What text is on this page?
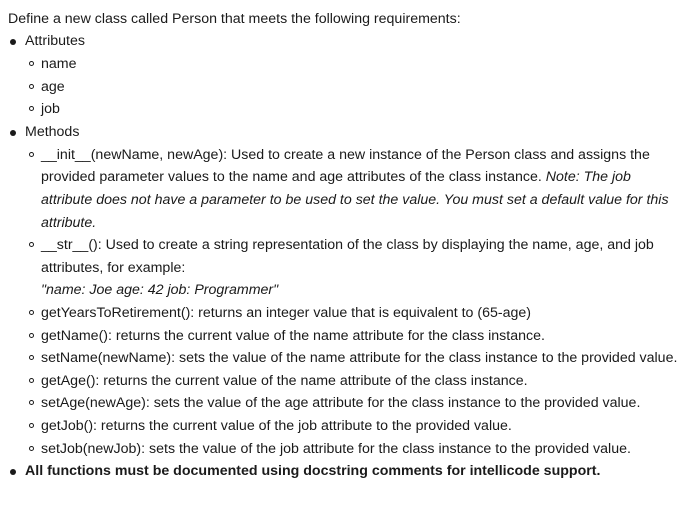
Define a new class called Person that meets the following requirements:
Attributes
name
age
job
Methods
__init__(newName, newAge): Used to create a new instance of the Person class and assigns the provided parameter values to the name and age attributes of the class instance. Note: The job attribute does not have a parameter to be used to set the value. You must set a default value for this attribute.
__str__(): Used to create a string representation of the class by displaying the name, age, and job attributes, for example:
"name: Joe age: 42 job: Programmer"
getYearsToRetirement(): returns an integer value that is equivalent to (65-age)
getName(): returns the current value of the name attribute for the class instance.
setName(newName): sets the value of the name attribute for the class instance to the provided value.
getAge(): returns the current value of the name attribute of the class instance.
setAge(newAge): sets the value of the age attribute for the class instance to the provided value.
getJob(): returns the current value of the job attribute to the provided value.
setJob(newJob): sets the value of the job attribute for the class instance to the provided value.
All functions must be documented using docstring comments for intellicode support.
